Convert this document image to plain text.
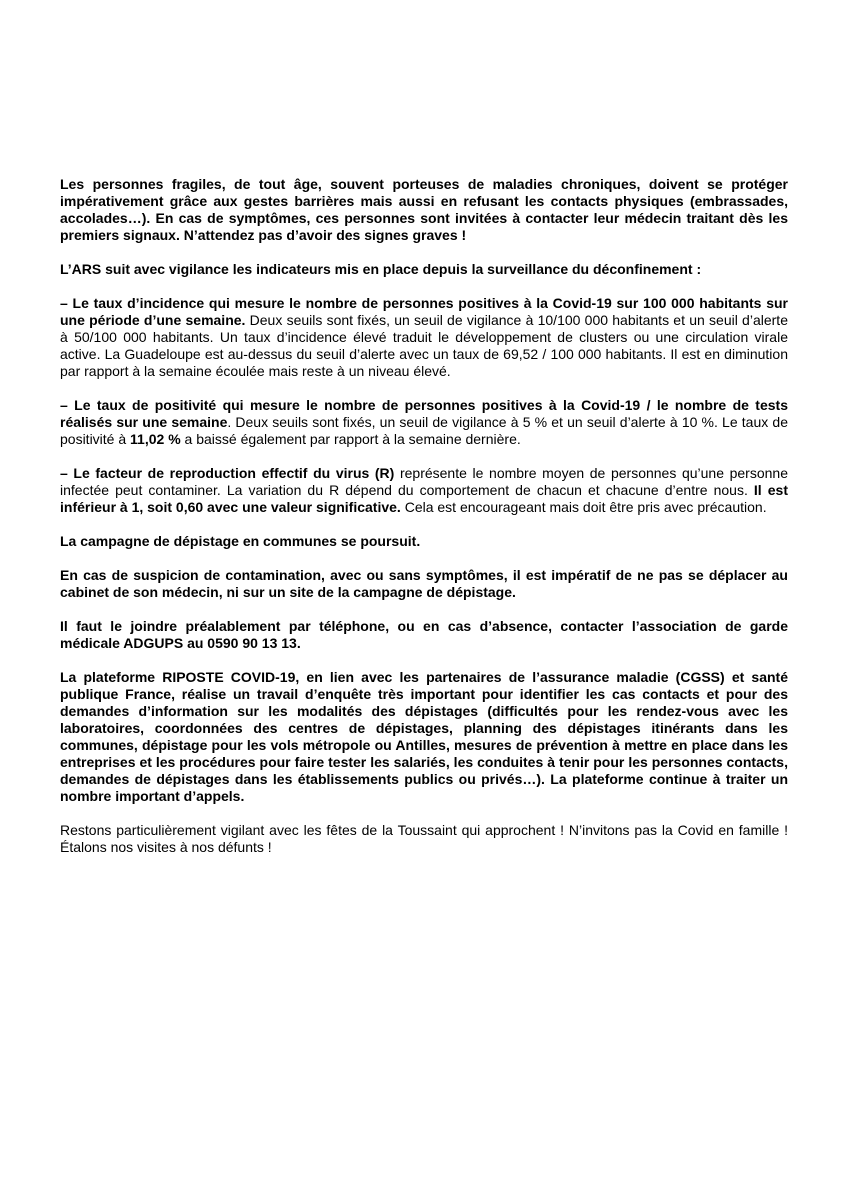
Les personnes fragiles, de tout âge, souvent porteuses de maladies chroniques, doivent se protéger impérativement grâce aux gestes barrières mais aussi en refusant les contacts physiques (embrassades, accolades…). En cas de symptômes, ces personnes sont invitées à contacter leur médecin traitant dès les premiers signaux. N’attendez pas d’avoir des signes graves !

L’ARS suit avec vigilance les indicateurs mis en place depuis la surveillance du déconfinement :

– Le taux d’incidence qui mesure le nombre de personnes positives à la Covid-19 sur 100 000 habitants sur une période d’une semaine. Deux seuils sont fixés, un seuil de vigilance à 10/100 000 habitants et un seuil d’alerte à 50/100 000 habitants. Un taux d’incidence élevé traduit le développement de clusters ou une circulation virale active. La Guadeloupe est au-dessus du seuil d’alerte avec un taux de 69,52 / 100 000 habitants. Il est en diminution par rapport à la semaine écoulée mais reste à un niveau élevé.

– Le taux de positivité qui mesure le nombre de personnes positives à la Covid-19 / le nombre de tests réalisés sur une semaine. Deux seuils sont fixés, un seuil de vigilance à 5 % et un seuil d’alerte à 10 %. Le taux de positivité à 11,02 % a baissé également par rapport à la semaine dernière.

– Le facteur de reproduction effectif du virus (R) représente le nombre moyen de personnes qu’une personne infectée peut contaminer. La variation du R dépend du comportement de chacun et chacune d’entre nous. Il est inférieur à 1, soit 0,60 avec une valeur significative. Cela est encourageant mais doit être pris avec précaution.

La campagne de dépistage en communes se poursuit.

En cas de suspicion de contamination, avec ou sans symptômes, il est impératif de ne pas se déplacer au cabinet de son médecin, ni sur un site de la campagne de dépistage.

Il faut le joindre préalablement par téléphone, ou en cas d’absence, contacter l’association de garde médicale ADGUPS au 0590 90 13 13.

La plateforme RIPOSTE COVID-19, en lien avec les partenaires de l’assurance maladie (CGSS) et santé publique France, réalise un travail d’enquête très important pour identifier les cas contacts et pour des demandes d’information sur les modalités des dépistages (difficultés pour les rendez-vous avec les laboratoires, coordonnées des centres de dépistages, planning des dépistages itinérants dans les communes, dépistage pour les vols métropole ou Antilles, mesures de prévention à mettre en place dans les entreprises et les procédures pour faire tester les salariés, les conduites à tenir pour les personnes contacts, demandes de dépistages dans les établissements publics ou privés…). La plateforme continue à traiter un nombre important d’appels.

Restons particulièrement vigilant avec les fêtes de la Toussaint qui approchent ! N’invitons pas la Covid en famille ! Étalons nos visites à nos défunts !
